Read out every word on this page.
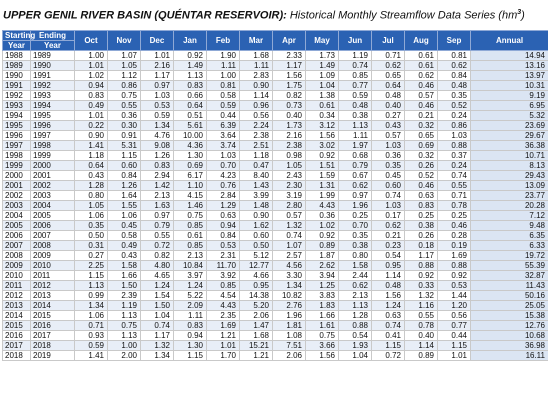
UPPER GENIL RIVER BASIN (QUÉNTAR RESERVOIR): Historical Monthly Streamflow Data Series $(hm^3)$
Starting	Ending	Oct	Nov	Dec	Jan	Feb	Mar	Apr	May	Jun	Jul	Aug	Sep	Annual
Year	Year													
1988	1989	1.00	1.07	1.01	0.92	1.90	1.68	2.33	1.73	1.19	0.71	0.61	0.81	14.94
1989	1990	1.01	1.05	2.16	1.49	1.11	1.11	1.17	1.49	0.74	0.62	0.61	0.62	13.16
1990	1991	1.02	1.12	1.17	1.13	1.00	2.83	1.56	1.09	0.85	0.65	0.62	0.84	13.97
1991	1992	0.94	0.86	0.97	0.83	0.81	0.90	1.75	1.04	0.77	0.64	0.46	0.48	10.31
1992	1993	0.83	0.75	1.03	0.66	0.58	1.14	0.82	1.38	0.59	0.48	0.57	0.35	9.19
1993	1994	0.49	0.55	0.53	0.64	0.59	0.96	0.73	0.61	0.48	0.40	0.46	0.52	6.95
1994	1995	1.01	0.36	0.59	0.51	0.44	0.56	0.40	0.34	0.38	0.27	0.21	0.24	5.32
1995	1996	0.22	0.30	1.34	5.61	6.39	2.24	1.73	3.12	1.13	0.43	0.32	0.86	23.69
1996	1997	0.90	0.91	4.76	10.00	3.64	2.38	2.16	1.56	1.11	0.57	0.65	1.03	29.67
1997	1998	1.41	5.31	9.08	4.36	3.74	2.51	2.38	3.02	1.97	1.03	0.69	0.88	36.38
1998	1999	1.18	1.15	1.26	1.30	1.03	1.18	0.98	0.92	0.68	0.36	0.32	0.37	10.71
1999	2000	0.64	0.60	0.83	0.69	0.70	0.47	1.05	1.51	0.79	0.35	0.26	0.24	8.13
2000	2001	0.43	0.84	2.94	6.17	4.23	8.40	2.43	1.59	0.67	0.45	0.52	0.74	29.43
2001	2002	1.28	1.26	1.42	1.10	0.76	1.43	2.30	1.31	0.62	0.60	0.46	0.55	13.09
2002	2003	0.80	1.64	2.13	4.15	2.84	3.99	3.19	1.99	0.97	0.74	0.63	0.71	23.77
2003	2004	1.05	1.55	1.63	1.46	1.29	1.48	2.80	4.43	1.96	1.03	0.83	0.78	20.28
2004	2005	1.06	1.06	0.97	0.75	0.63	0.90	0.57	0.36	0.25	0.17	0.25	0.25	7.12
2005	2006	0.35	0.45	0.79	0.85	0.94	1.62	1.32	1.02	0.70	0.62	0.38	0.46	9.48
2006	2007	0.50	0.58	0.55	0.61	0.84	0.60	0.74	0.92	0.35	0.21	0.26	0.28	6.35
2007	2008	0.31	0.49	0.72	0.85	0.53	0.50	1.07	0.89	0.38	0.23	0.18	0.19	6.33
2008	2009	0.27	0.43	0.82	2.13	2.31	5.12	2.57	1.87	0.80	0.54	1.17	1.69	19.72
2009	2010	2.25	1.58	4.80	10.84	11.70	12.77	4.56	2.62	1.58	0.95	0.88	0.88	55.39
2010	2011	1.15	1.66	4.65	3.97	3.92	4.66	3.30	3.94	2.44	1.14	0.92	0.92	32.87
2011	2012	1.13	1.50	1.24	1.24	0.85	0.95	1.34	1.25	0.62	0.48	0.33	0.53	11.43
2012	2013	0.99	2.39	1.54	5.22	4.54	14.38	10.82	3.83	2.13	1.56	1.32	1.44	50.16
2013	2014	1.34	1.19	1.50	2.09	4.43	5.20	2.76	1.83	1.13	1.24	1.16	1.20	25.05
2014	2015	1.06	1.13	1.04	1.11	2.35	2.06	1.96	1.66	1.28	0.63	0.55	0.56	15.38
2015	2016	0.71	0.75	0.74	0.83	1.69	1.47	1.81	1.61	0.88	0.74	0.78	0.77	12.76
2016	2017	0.93	1.13	1.17	0.94	1.21	1.68	1.08	0.75	0.54	0.41	0.40	0.44	10.68
2017	2018	0.59	1.00	1.32	1.30	1.01	15.21	7.51	3.66	1.93	1.15	1.14	1.15	36.98
2018	2019	1.41	2.00	1.34	1.15	1.70	1.21	2.06	1.56	1.04	0.72	0.89	1.01	16.11
